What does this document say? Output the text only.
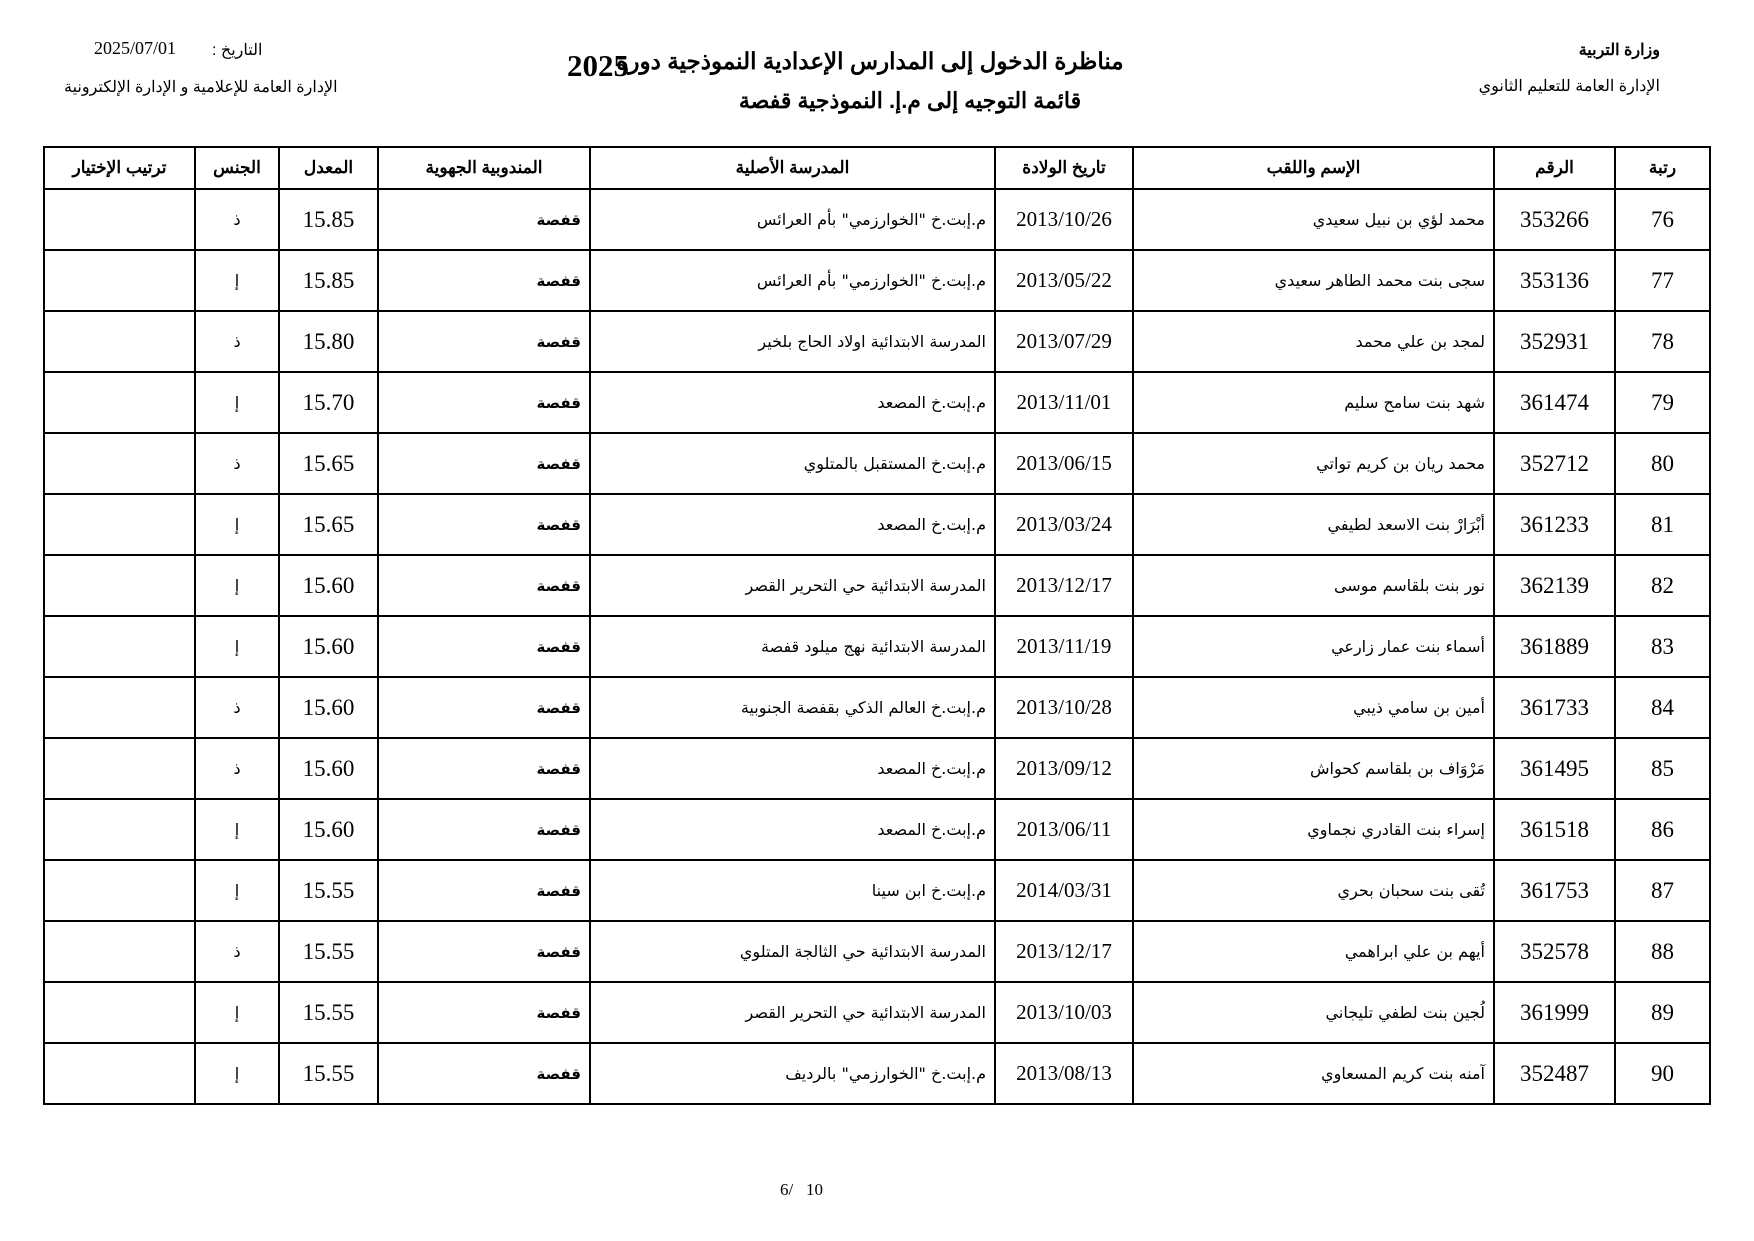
وزارة التربية
الإدارة العامة للتعليم الثانوي
مناظرة الدخول إلى المدارس الإعدادية النموذجية دورة
2025
قائمة التوجيه إلى م.إ. النموذجية قفصة
التاريخ :
2025/07/01
الإدارة العامة للإعلامية و الإدارة الإلكترونية
رتبة	الرقم	الإسم واللقب	تاريخ الولادة	المدرسة الأصلية	المندوبية الجهوية	المعدل	الجنس	ترتيب الإختيار
76	353266	محمد لؤي بن نبيل سعيدي	2013/10/26	م.إبت.خ "الخوارزمي" بأم العرائس	قفصة	15.85	ذ	
77	353136	سجى بنت محمد الطاهر سعيدي	2013/05/22	م.إبت.خ "الخوارزمي" بأم العرائس	قفصة	15.85	إ	
78	352931	لمجد بن علي محمد	2013/07/29	المدرسة الابتدائية اولاد الحاج بلخير	قفصة	15.80	ذ	
79	361474	شهد بنت سامح سليم	2013/11/01	م.إبت.خ المصعد	قفصة	15.70	إ	
80	352712	محمد ريان بن كريم تواتي	2013/06/15	م.إبت.خ المستقبل بالمتلوي	قفصة	15.65	ذ	
81	361233	أبْرَارْ بنت الاسعد لطيفي	2013/03/24	م.إبت.خ المصعد	قفصة	15.65	إ	
82	362139	نور بنت بلقاسم موسى	2013/12/17	المدرسة الابتدائية حي التحرير القصر	قفصة	15.60	إ	
83	361889	أسماء بنت عمار زارعي	2013/11/19	المدرسة الابتدائية نهج ميلود قفصة	قفصة	15.60	إ	
84	361733	أمين بن سامي ذيبي	2013/10/28	م.إبت.خ العالم الذكي بقفصة الجنوبية	قفصة	15.60	ذ	
85	361495	مَرْوَاف بن بلقاسم كحواش	2013/09/12	م.إبت.خ المصعد	قفصة	15.60	ذ	
86	361518	إسراء بنت القادري نجماوي	2013/06/11	م.إبت.خ المصعد	قفصة	15.60	إ	
87	361753	تُقى بنت سحبان بحري	2014/03/31	م.إبت.خ ابن سينا	قفصة	15.55	إ	
88	352578	أيهم بن علي ابراهمي	2013/12/17	المدرسة الابتدائية حي الثالجة المتلوي	قفصة	15.55	ذ	
89	361999	لُجين بنت لطفي تليجاني	2013/10/03	المدرسة الابتدائية حي التحرير القصر	قفصة	15.55	إ	
90	352487	آمنه بنت كريم المسعاوي	2013/08/13	م.إبت.خ "الخوارزمي" بالرديف	قفصة	15.55	إ	
6/ 10
